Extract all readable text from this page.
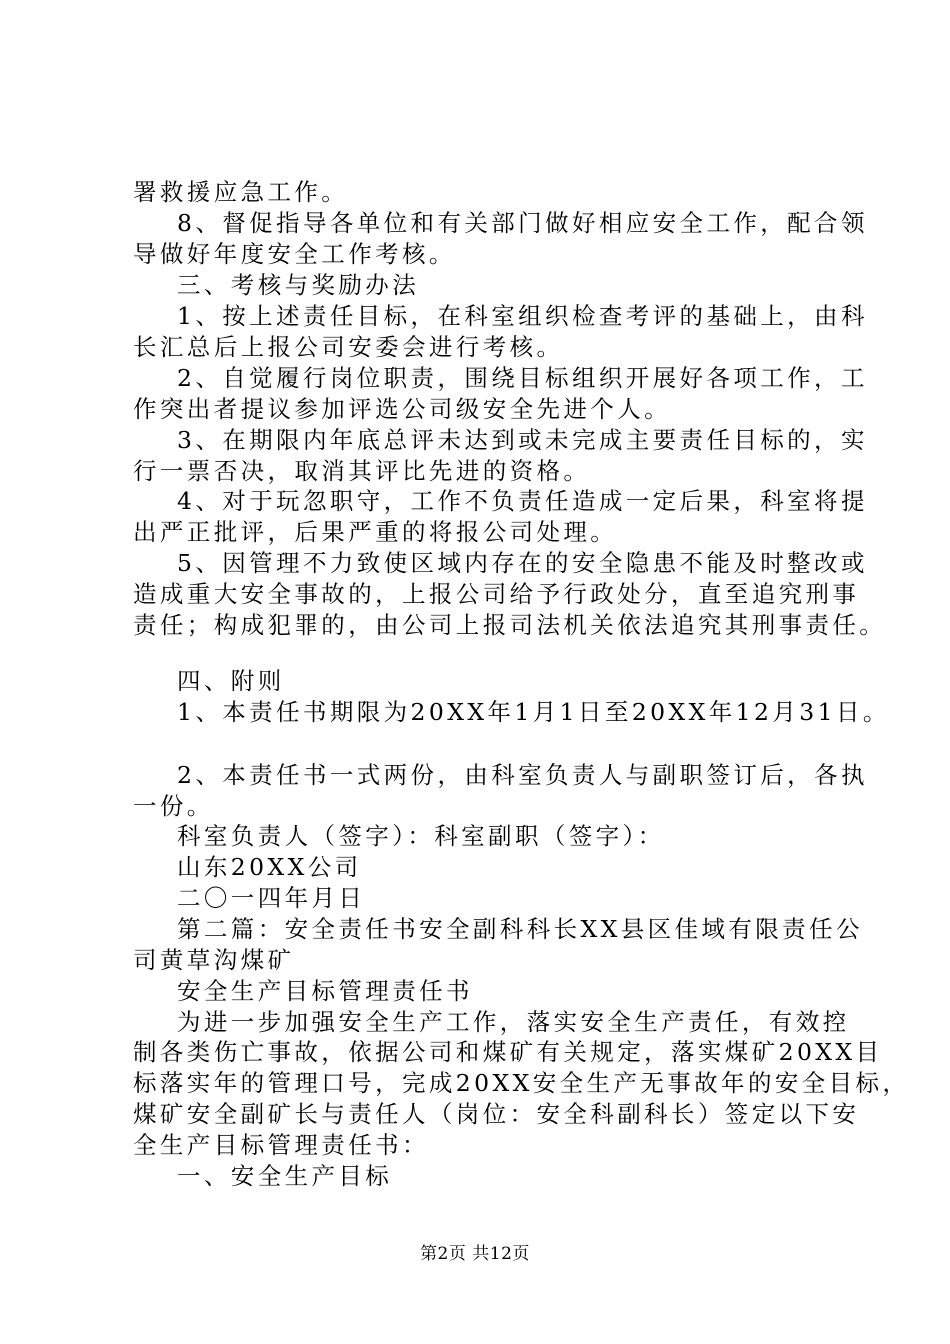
署救援应急工作。
8、督促指导各单位和有关部门做好相应安全工作，配合领
导做好年度安全工作考核。
三、考核与奖励办法
1、按上述责任目标，在科室组织检查考评的基础上，由科
长汇总后上报公司安委会进行考核。
2、自觉履行岗位职责，围绕目标组织开展好各项工作，工
作突出者提议参加评选公司级安全先进个人。
3、在期限内年底总评未达到或未完成主要责任目标的，实
行一票否决，取消其评比先进的资格。
4、对于玩忽职守，工作不负责任造成一定后果，科室将提
出严正批评，后果严重的将报公司处理。
5、因管理不力致使区域内存在的安全隐患不能及时整改或
造成重大安全事故的，上报公司给予行政处分，直至追究刑事
责任；构成犯罪的，由公司上报司法机关依法追究其刑事责任。
四、附则
1、本责任书期限为20XX年1月1日至20XX年12月31日。
2、本责任书一式两份，由科室负责人与副职签订后，各执
一份。
科室负责人（签字）：科室副职（签字）：
山东20XX公司
二〇一四年月日
第二篇：安全责任书安全副科科长XX县区佳域有限责任公
司黄草沟煤矿
安全生产目标管理责任书
为进一步加强安全生产工作，落实安全生产责任，有效控
制各类伤亡事故，依据公司和煤矿有关规定，落实煤矿20XX目
标落实年的管理口号，完成20XX安全生产无事故年的安全目标，
煤矿安全副矿长与责任人（岗位：安全科副科长）签定以下安
全生产目标管理责任书：
一、安全生产目标
第2页 共12页
